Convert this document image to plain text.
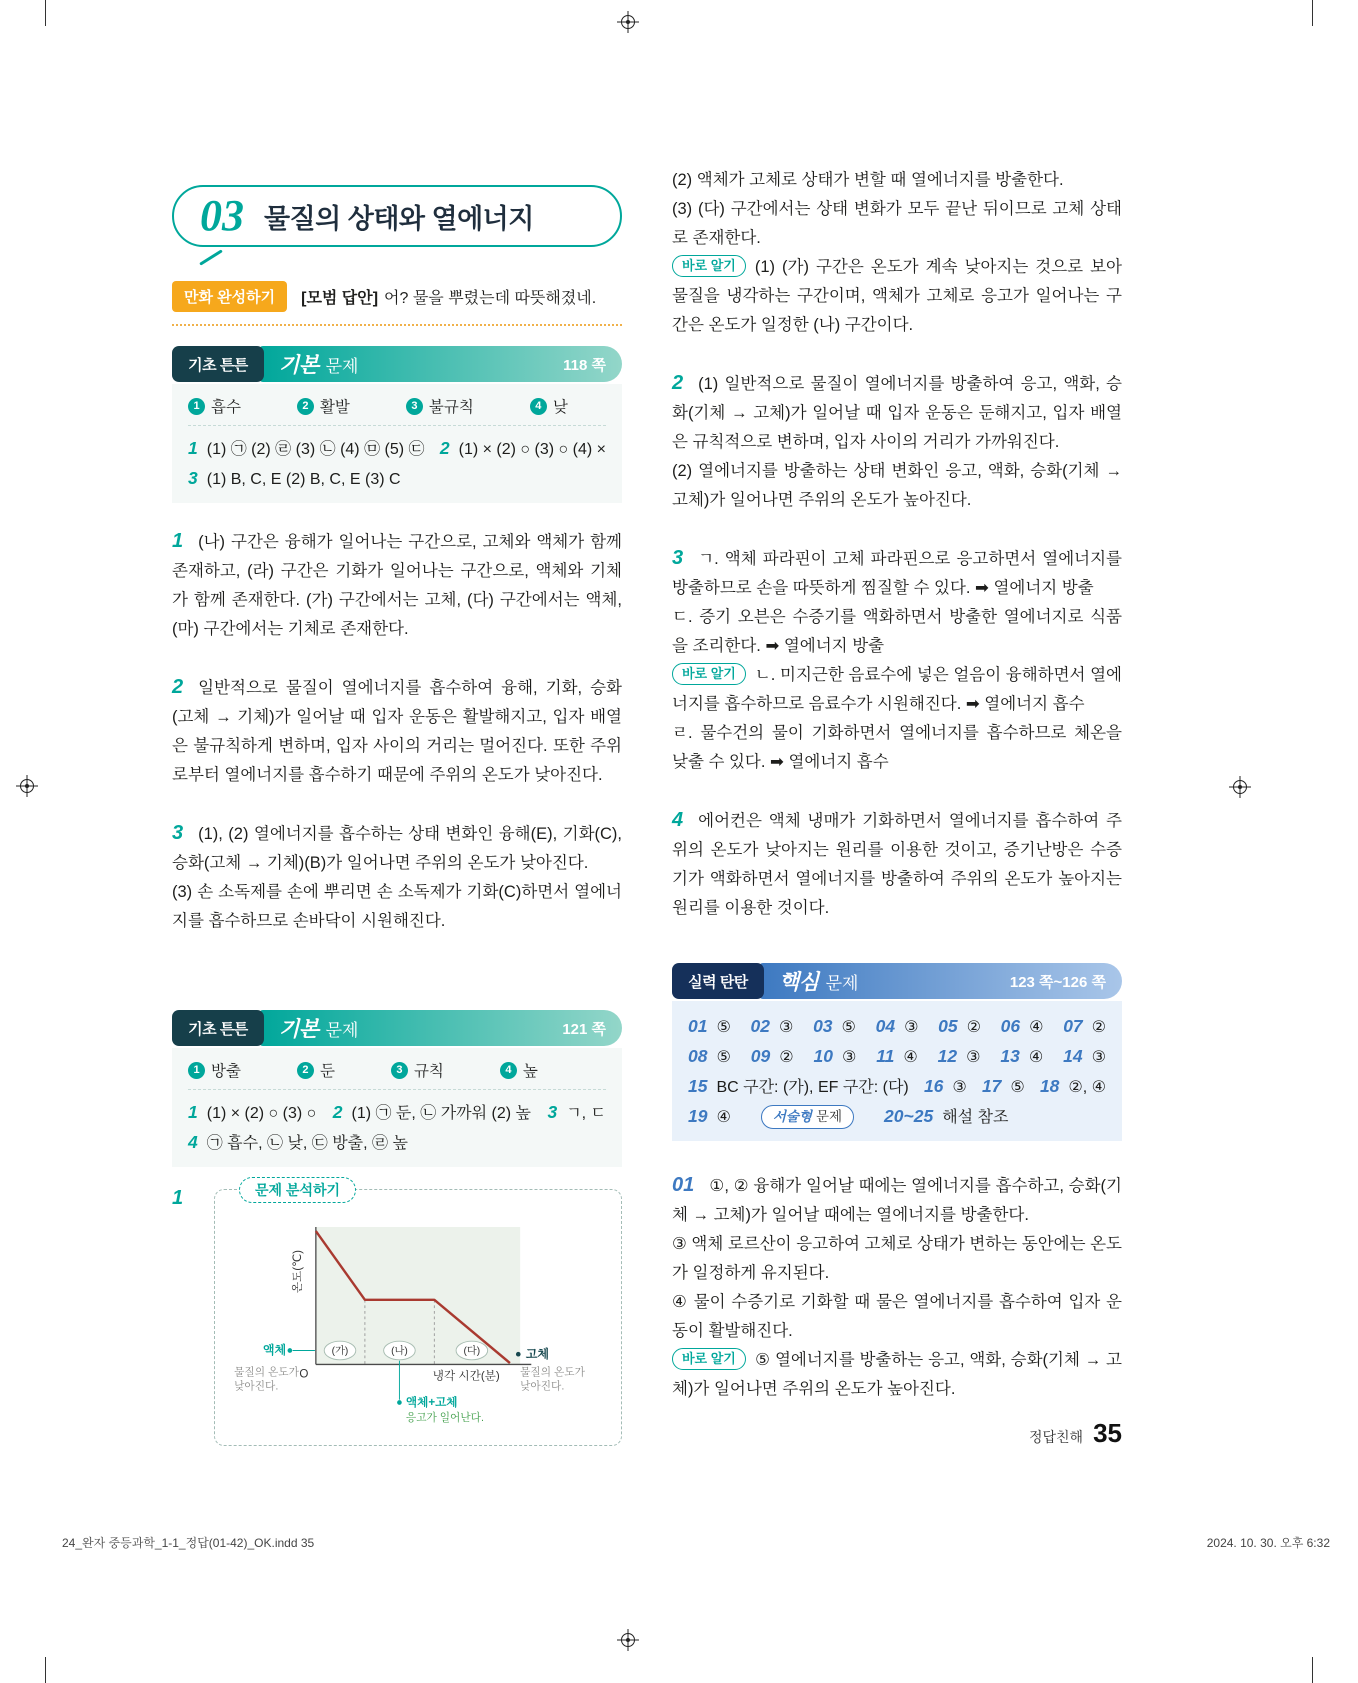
03 물질의 상태와 열에너지
만화 완성하기	[모범 답안] 어? 물을 뿌렸는데 따뜻해졌네.
기초 튼튼	기본 문제	118 쪽
1 흡수	2 활발	3 불규칙	4 낮
1 (1) ㉠ (2) ㉣ (3) ㉡ (4) ㉤ (5) ㉢ 2 (1) × (2) ○ (3) ○ (4) ×
3 (1) B, C, E (2) B, C, E (3) C

1 (나) 구간은 융해가 일어나는 구간으로, 고체와 액체가 함께 존재하고, (라) 구간은 기화가 일어나는 구간으로, 액체와 기체가 함께 존재한다. (가) 구간에서는 고체, (다) 구간에서는 액체, (마) 구간에서는 기체로 존재한다.

2 일반적으로 물질이 열에너지를 흡수하여 융해, 기화, 승화(고체 → 기체)가 일어날 때 입자 운동은 활발해지고, 입자 배열은 불규칙하게 변하며, 입자 사이의 거리는 멀어진다. 또한 주위로부터 열에너지를 흡수하기 때문에 주위의 온도가 낮아진다.

3 (1), (2) 열에너지를 흡수하는 상태 변화인 융해(E), 기화(C), 승화(고체 → 기체)(B)가 일어나면 주위의 온도가 낮아진다.

(3) 손 소독제를 손에 뿌리면 손 소독제가 기화(C)하면서 열에너지를 흡수하므로 손바닥이 시원해진다.

기초 튼튼	기본 문제	121 쪽
1 방출	2 둔	3 규칙	4 높
1 (1) × (2) ○ (3) ○ 2 (1) ㉠ 둔, ㉡ 가까워 (2) 높 3 ㄱ, ㄷ
4 ㉠ 흡수, ㉡ 낮, ㉢ 방출, ㉣ 높
1	문제 분석하기
(가)	(나)	(다)
온도(℃)
O	냉각 시간(분)
액체
물질의 온도가
낮아진다.
고체
물질의 온도가
낮아진다.
액체+고체
응고가 일어난다.

(2) 액체가 고체로 상태가 변할 때 열에너지를 방출한다.

(3) (다) 구간에서는 상태 변화가 모두 끝난 뒤이므로 고체 상태로 존재한다.

바로 알기 (1) (가) 구간은 온도가 계속 낮아지는 것으로 보아 물질을 냉각하는 구간이며, 액체가 고체로 응고가 일어나는 구간은 온도가 일정한 (나) 구간이다.

2 (1) 일반적으로 물질이 열에너지를 방출하여 응고, 액화, 승화(기체 → 고체)가 일어날 때 입자 운동은 둔해지고, 입자 배열은 규칙적으로 변하며, 입자 사이의 거리가 가까워진다.

(2) 열에너지를 방출하는 상태 변화인 응고, 액화, 승화(기체 → 고체)가 일어나면 주위의 온도가 높아진다.

3 ㄱ. 액체 파라핀이 고체 파라핀으로 응고하면서 열에너지를 방출하므로 손을 따뜻하게 찜질할 수 있다. ➡ 열에너지 방출

ㄷ. 증기 오븐은 수증기를 액화하면서 방출한 열에너지로 식품을 조리한다. ➡ 열에너지 방출

바로 알기 ㄴ. 미지근한 음료수에 넣은 얼음이 융해하면서 열에너지를 흡수하므로 음료수가 시원해진다. ➡ 열에너지 흡수

ㄹ. 물수건의 물이 기화하면서 열에너지를 흡수하므로 체온을 낮출 수 있다. ➡ 열에너지 흡수

4 에어컨은 액체 냉매가 기화하면서 열에너지를 흡수하여 주위의 온도가 낮아지는 원리를 이용한 것이고, 증기난방은 수증기가 액화하면서 열에너지를 방출하여 주위의 온도가 높아지는 원리를 이용한 것이다.

실력 탄탄	핵심 문제	123 쪽~126 쪽
01 ⑤ 02 ③ 03 ⑤ 04 ③ 05 ② 06 ④ 07 ②
08 ⑤ 09 ② 10 ③ 11 ④ 12 ③ 13 ④ 14 ③
15 BC 구간: (가), EF 구간: (다) 16 ③ 17 ⑤ 18 ②, ④
19 ④	서술형 문제	20~25 해설 참조

01 ①, ② 융해가 일어날 때에는 열에너지를 흡수하고, 승화(기체 → 고체)가 일어날 때에는 열에너지를 방출한다.

③ 액체 로르산이 응고하여 고체로 상태가 변하는 동안에는 온도가 일정하게 유지된다.

④ 물이 수증기로 기화할 때 물은 열에너지를 흡수하여 입자 운동이 활발해진다.

바로 알기 ⑤ 열에너지를 방출하는 응고, 액화, 승화(기체 → 고체)가 일어나면 주위의 온도가 높아진다.

정답친해 35
24_완자 중등과학_1-1_정답(01-42)_OK.indd 35	2024. 10. 30. 오후 6:32
